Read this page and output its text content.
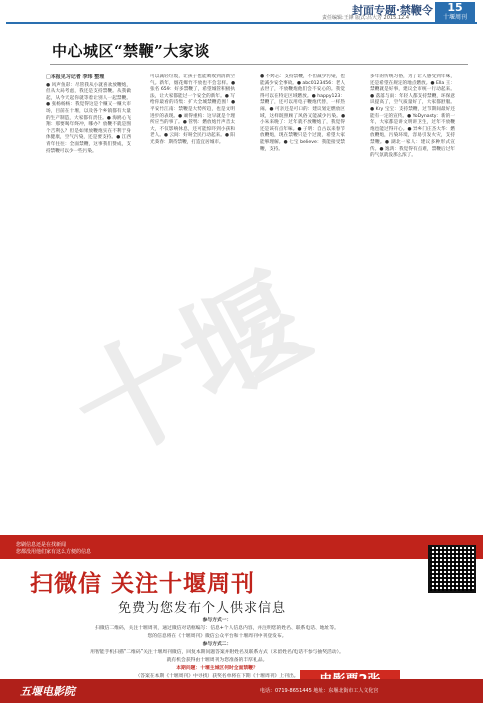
封面专题·禁鞭令
责任编辑:王锋 版式:吕大芳 2015.12.4
15
十堰周刊
中心城区“禁鞭”大家谈

□本报见习记者 李玮 整理

● 风声鱼彩：尽管我从小就喜欢放鞭炮，但从大局考虑，我还是支持禁鞭。从我做起，从今天起你就等着让别人一起禁鞭。● 张杨杨杨：我觉得这是个赚又一赚大市场，目前在十堰，以及各个乡镇都有大量的生产制造，大家都有责任。● 海鸥心飞翔：那要喝年终冲，哪办？放鞭不就是图个吉利么？但是如果放鞭炮实在不利于身体健康，空气污染，还是要支持。● 江西青年往往：全面禁鞭，这事我们赞成，支持禁鞭可以少一些污染。

可以减轻垃圾，让孩子也能吸收到清新空气。新年，烟花爆竹不放也不会怎样。● 张名 659：好多禁鞭了，希望城管积极执法，让大家都能过一个安全的新年。● 写给你最看的诗集：扩大全城禁鞭范围！● 平安竹江南：禁鞭是大势所趋，也是文明进步的表现。● 顽得重构：这早就是个理所应当的事了。● 管鸮：燃放炮竹声音太大，不仅影响休息，还可能惊吓到小孩和老人。● 云间：好呀全民行动起来。● 阳光葵春：期待禁鞭，打造宜居城市。

● 不烤芯：支持禁鞭，不但减少污染，也能减少安全事故。● abc0123456：老人去世了，不放鞭炮他们会不安心的。我觉得可以在特定区域燃放。● happy123：禁鞭了，还可以用电子鞭炮代替，一样热闹。● 可亲还是可口的：建议划定燃放区域，这样既照顾了风俗又能减少污染。● 小朱来晚了：过年就不放鞭炮了，我觉得还是该有点年味。● 子明：自古以来春节放鞭炮，现在禁鞭只是个过渡，希望大家能够理解。● 七宝 believe：我能接受禁鞭，支持。

多年的传统习俗，为了让人感受到年味，还是希望在规定的地点燃放。● Ella 王：禁鞭就是好事，建议全市统一行动起来。● 落落与雨：年轻人都支持禁鞭，环保意识提高了，空气质量好了，大家都舒服。● Kry 宝宝：支持禁鞭，过节期间最好还能有一定的宣传。● YoDynasty：新的一年，大家都是讲文明讲卫生，过年不放鞭炮也能过得开心。● 异乡门庄杰大华：燃放鞭炮，污染环境，容易引发火灾，支持禁鞭。● 湖北一家人：建议多种形式宣传。● 逸鸿：我觉得有点难，禁鞭后过年的气氛就没那么浓了。

十堰
您刷信息还是在找新闻
您都没用他们家有这么方便的信息
扫微信 关注十堰周刊
免费为您发布个人供求信息
参与方式一：
扫微信二维码，关注十堰周刊，通过微信对话框编写：信息+个人信息内容，并注明您的姓名、联系电话、地址等。
您的信息将在《十堰周刊》微信公众平台和十堰周刊中刊登发布。
参与方式二：
用智能手机扫描“二维码”关注十堰周刊微信，回复本期问题答案并附姓名及联系方式（未留姓名/电话不参与抽奖活动）。
就有机会获得由十堰周刊为您准备的丰厚礼品。
本期问题：十堰主城区何时全面禁鞭？
（答案在本期《十堰周刊》中寻找）获奖名单将在下期《十堰周刊》上刊出。
五堰电影院	电话：0719-8651445 地址：东堰北街市工人文化宫
